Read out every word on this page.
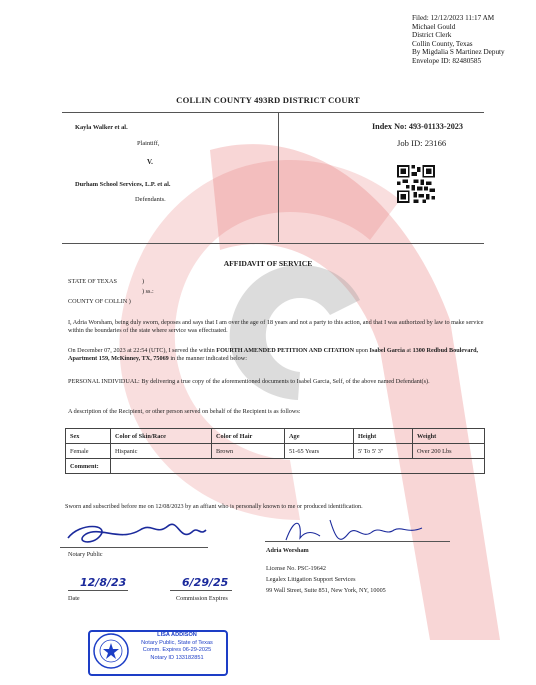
Filed: 12/12/2023 11:17 AM
Michael Gould
District Clerk
Collin County, Texas
By Migdalia S Martinez Deputy
Envelope ID: 82480585
COLLIN COUNTY 493RD DISTRICT COURT
Kayla Walker et al.
Plaintiff,
V.
Durham School Services, L.P. et al.
Defendants.
Index No: 493-01133-2023
Job ID: 23166
AFFIDAVIT OF SERVICE
STATE OF TEXAS	)
) ss.:
COUNTY OF COLLIN )
I, Adria Worsham, being duly sworn, deposes and says that I am over the age of 18 years and not a party to this action, and that I was authorized by law to make service within the boundaries of the state where service was effectuated.
On December 07, 2023 at 22:54 (UTC), I served the within FOURTH AMENDED PETITION AND CITATION upon Isabel Garcia at 1300 Redbud Boulevard, Apartment 159, McKinney, TX, 75069 in the manner indicated below:
PERSONAL INDIVIDUAL: By delivering a true copy of the aforementioned documents to Isabel Garcia, Self, of the above named Defendant(s).
A description of the Recipient, or other person served on behalf of the Recipient is as follows:
Sex	Color of Skin/Race	Color of Hair	Age	Height	Weight
Female	Hispanic	Brown	51-65 Years	5' To 5' 3"	Over 200 Lbs
Comment:					
Sworn and subscribed before me on 12/08/2023 by an affiant who is personally known to me or produced identification.
Notary Public
12/8/23
Date
6/29/25
Commission Expires
Adria Worsham
License No. PSC-19642
Legalex Litigation Support Services
99 Wall Street, Suite 851, New York, NY, 10005
LISA ADDISON
Notary Public, State of Texas
Comm. Expires 06-29-2025
Notary ID 133182851
